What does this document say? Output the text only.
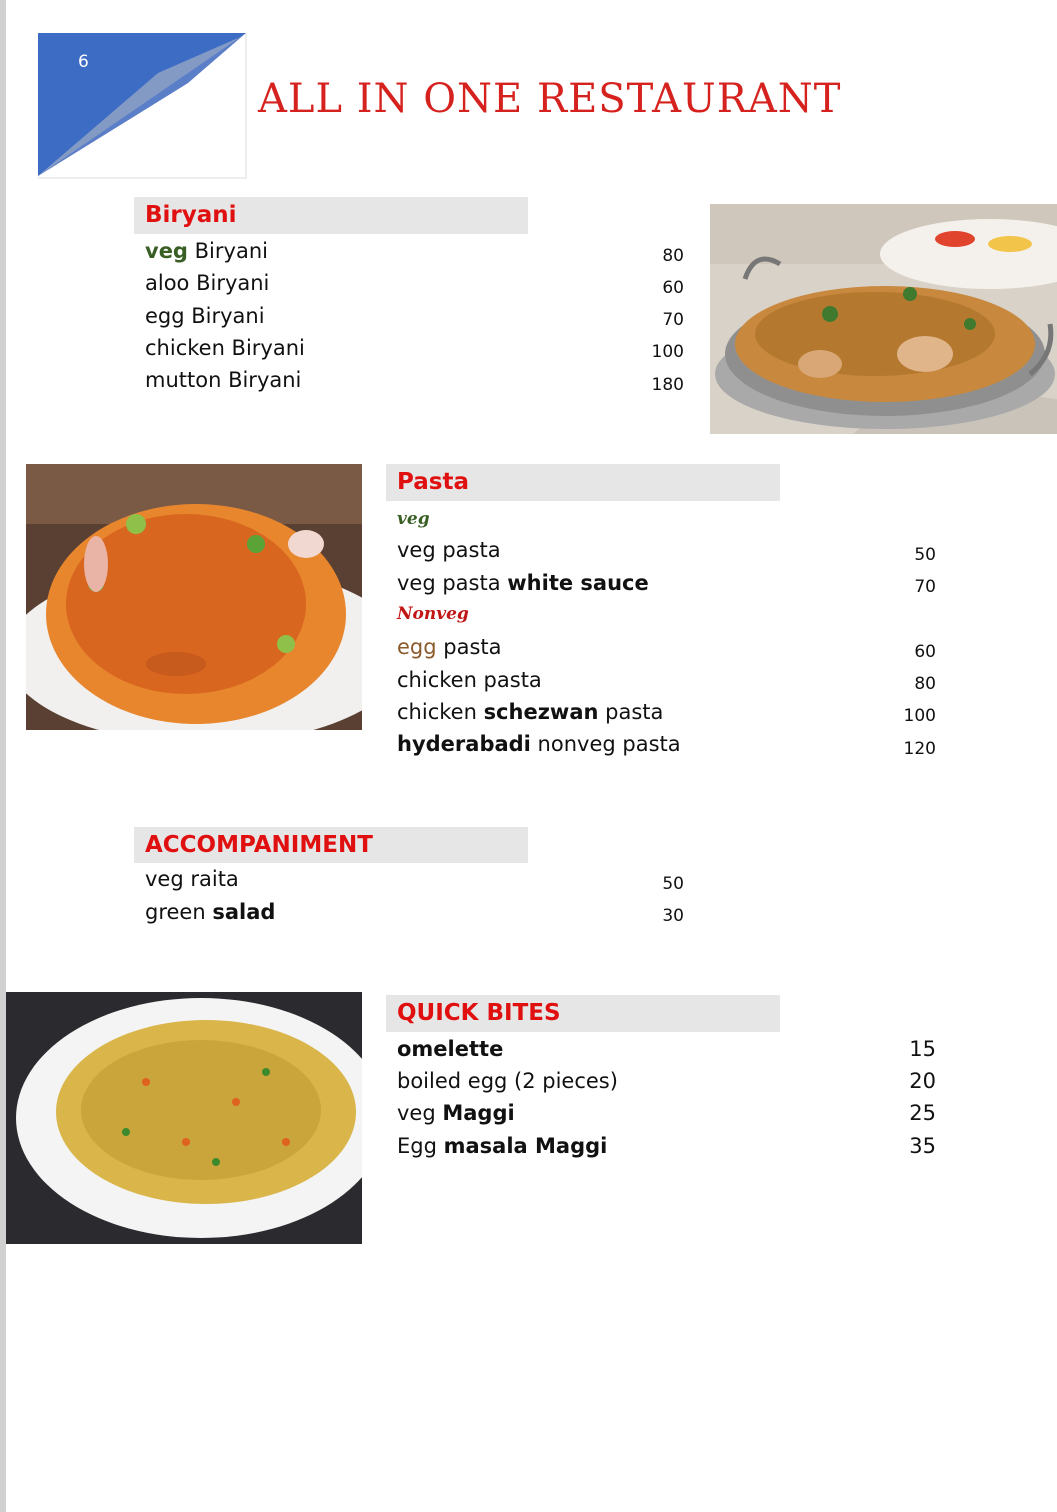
6
ALL IN ONE RESTAURANT
Biryani
veg Biryani	80
aloo Biryani	60
egg Biryani	70
chicken Biryani	100
mutton Biryani	180
Pasta
veg
veg pasta	50
veg pasta white sauce	70
Nonveg
egg pasta	60
chicken pasta	80
chicken schezwan pasta	100
hyderabadi nonveg pasta	120
ACCOMPANIMENT
veg raita	50
green salad	30
QUICK BITES
omelette	15
boiled egg (2 pieces)	20
veg Maggi	25
Egg masala Maggi	35
